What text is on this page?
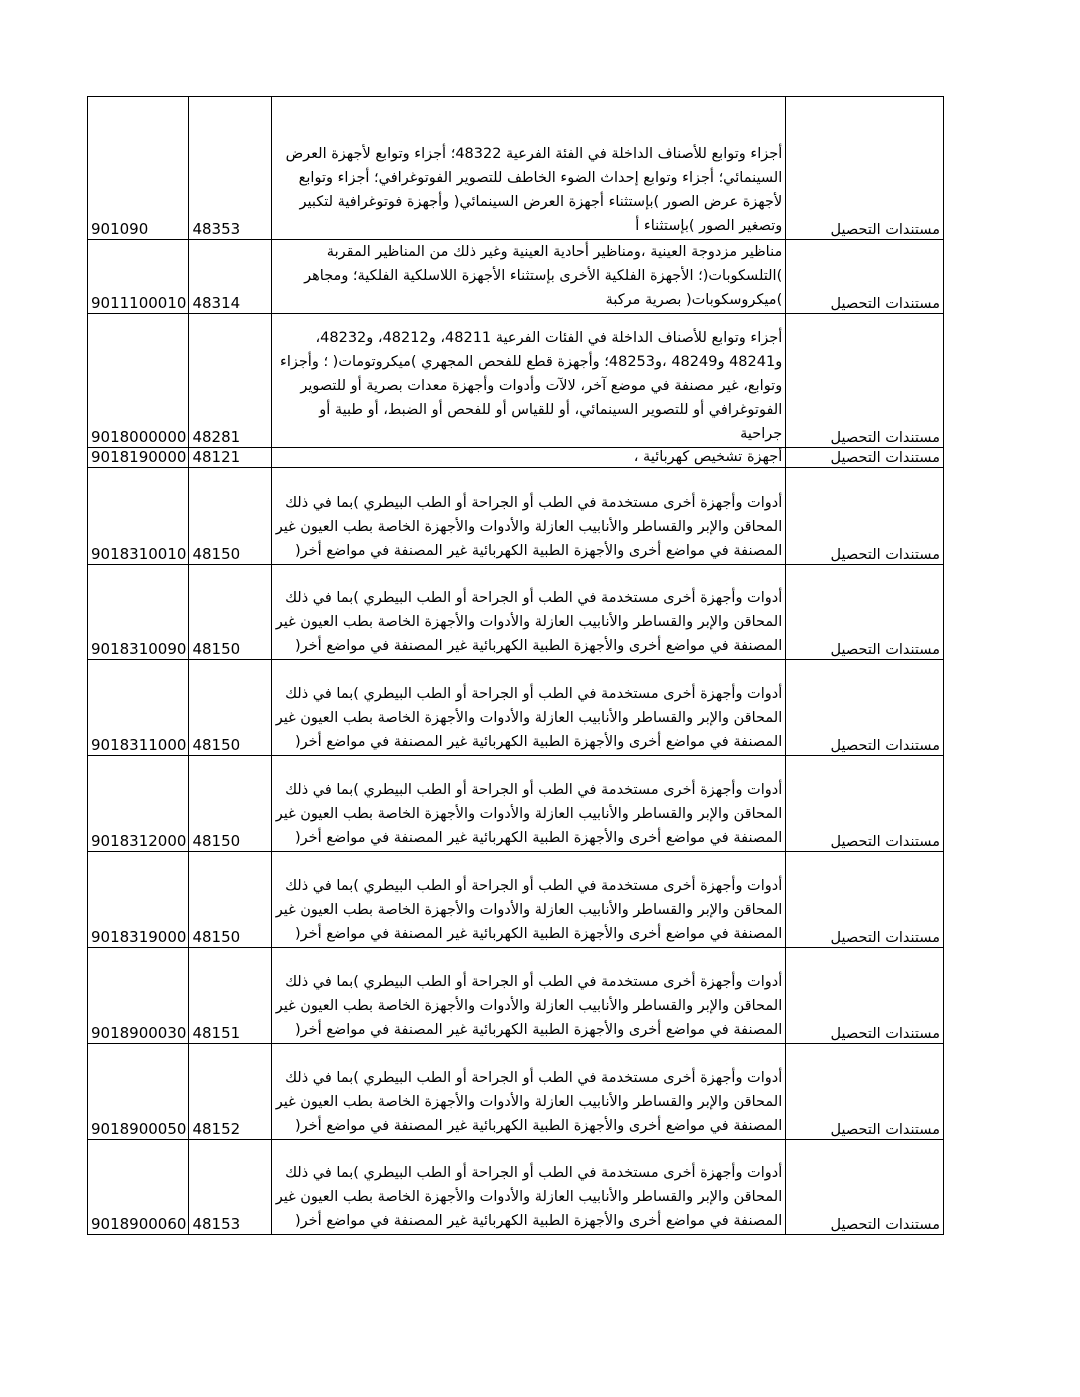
901090	48353	أجزاء وتوابع للأصناف الداخلة في الفئة الفرعية 48322؛ أجزاء وتوابع لأجهزة العرض
السينمائي؛ أجزاء وتوابع إحداث الضوء الخاطف للتصوير الفوتوغرافي؛ أجزاء وتوابع
لأجهزة عرض الصور )بإستثناء أجهزة العرض السينمائي( وأجهزة فوتوغرافية لتكبير
وتصغير الصور )بإستثناء أ	مستندات التحصيل
9011100010	48314	مناظير مزدوجة العينية ،ومناظير أحادية العينية وغير ذلك من المناظير المقربة
)التلسكوبات(؛ الأجهزة الفلكية الأخرى بإستثناء الأجهزة اللاسلكية الفلكية؛ ومجاهر
)ميكروسكوبات( بصرية مركبة	مستندات التحصيل
9018000000	48281	أجزاء وتوابع للأصناف الداخلة في الفئات الفرعية 48211، و48212، و48232،
و48241 و48249 ،و48253؛ وأجهزة قطع للفحص المجهري )ميكروتومات( ؛ وأجزاء
وتوابع، غير مصنفة في موضع آخر، لالآت وأدوات وأجهزة معدات بصرية أو للتصوير
الفوتوغرافي أو للتصوير السينمائي، أو للقياس أو للفحص أو الضبط، أو طبية أو جراحية	مستندات التحصيل
9018190000	48121	أجهزة تشخيص كهربائية ،	مستندات التحصيل
9018310010	48150	أدوات وأجهزة أخرى مستخدمة في الطب أو الجراحة أو الطب البيطري )بما في ذلك
المحاقن والإبر والقساطر والأنابيب العازلة والأدوات والأجهزة الخاصة بطب العيون غير
المصنفة في مواضع أخرى والأجهزة الطبية الكهربائية غير المصنفة في مواضع أخر(	مستندات التحصيل
9018310090	48150	أدوات وأجهزة أخرى مستخدمة في الطب أو الجراحة أو الطب البيطري )بما في ذلك
المحاقن والإبر والقساطر والأنابيب العازلة والأدوات والأجهزة الخاصة بطب العيون غير
المصنفة في مواضع أخرى والأجهزة الطبية الكهربائية غير المصنفة في مواضع أخر(	مستندات التحصيل
9018311000	48150	أدوات وأجهزة أخرى مستخدمة في الطب أو الجراحة أو الطب البيطري )بما في ذلك
المحاقن والإبر والقساطر والأنابيب العازلة والأدوات والأجهزة الخاصة بطب العيون غير
المصنفة في مواضع أخرى والأجهزة الطبية الكهربائية غير المصنفة في مواضع أخر(	مستندات التحصيل
9018312000	48150	أدوات وأجهزة أخرى مستخدمة في الطب أو الجراحة أو الطب البيطري )بما في ذلك
المحاقن والإبر والقساطر والأنابيب العازلة والأدوات والأجهزة الخاصة بطب العيون غير
المصنفة في مواضع أخرى والأجهزة الطبية الكهربائية غير المصنفة في مواضع أخر(	مستندات التحصيل
9018319000	48150	أدوات وأجهزة أخرى مستخدمة في الطب أو الجراحة أو الطب البيطري )بما في ذلك
المحاقن والإبر والقساطر والأنابيب العازلة والأدوات والأجهزة الخاصة بطب العيون غير
المصنفة في مواضع أخرى والأجهزة الطبية الكهربائية غير المصنفة في مواضع أخر(	مستندات التحصيل
9018900030	48151	أدوات وأجهزة أخرى مستخدمة في الطب أو الجراحة أو الطب البيطري )بما في ذلك
المحاقن والإبر والقساطر والأنابيب العازلة والأدوات والأجهزة الخاصة بطب العيون غير
المصنفة في مواضع أخرى والأجهزة الطبية الكهربائية غير المصنفة في مواضع أخر(	مستندات التحصيل
9018900050	48152	أدوات وأجهزة أخرى مستخدمة في الطب أو الجراحة أو الطب البيطري )بما في ذلك
المحاقن والإبر والقساطر والأنابيب العازلة والأدوات والأجهزة الخاصة بطب العيون غير
المصنفة في مواضع أخرى والأجهزة الطبية الكهربائية غير المصنفة في مواضع أخر(	مستندات التحصيل
9018900060	48153	أدوات وأجهزة أخرى مستخدمة في الطب أو الجراحة أو الطب البيطري )بما في ذلك
المحاقن والإبر والقساطر والأنابيب العازلة والأدوات والأجهزة الخاصة بطب العيون غير
المصنفة في مواضع أخرى والأجهزة الطبية الكهربائية غير المصنفة في مواضع أخر(	مستندات التحصيل
